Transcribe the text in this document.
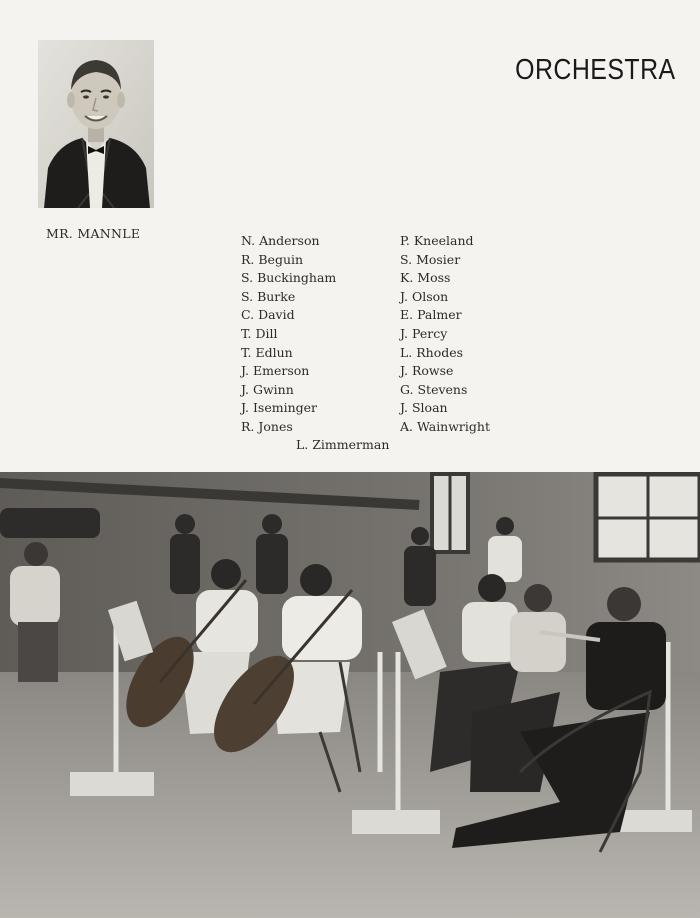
ORCHESTRA
MR. MANNLE	N. Anderson
R. Beguin
S. Buckingham
S. Burke
C. David
T. Dill
T. Edlun
J. Emerson
J. Gwinn
J. Iseminger
R. Jones
P. Kneeland
S. Mosier
K. Moss
J. Olson
E. Palmer
J. Percy
L. Rhodes
J. Rowse
G. Stevens
J. Sloan
A. Wainwright
L. Zimmerman
